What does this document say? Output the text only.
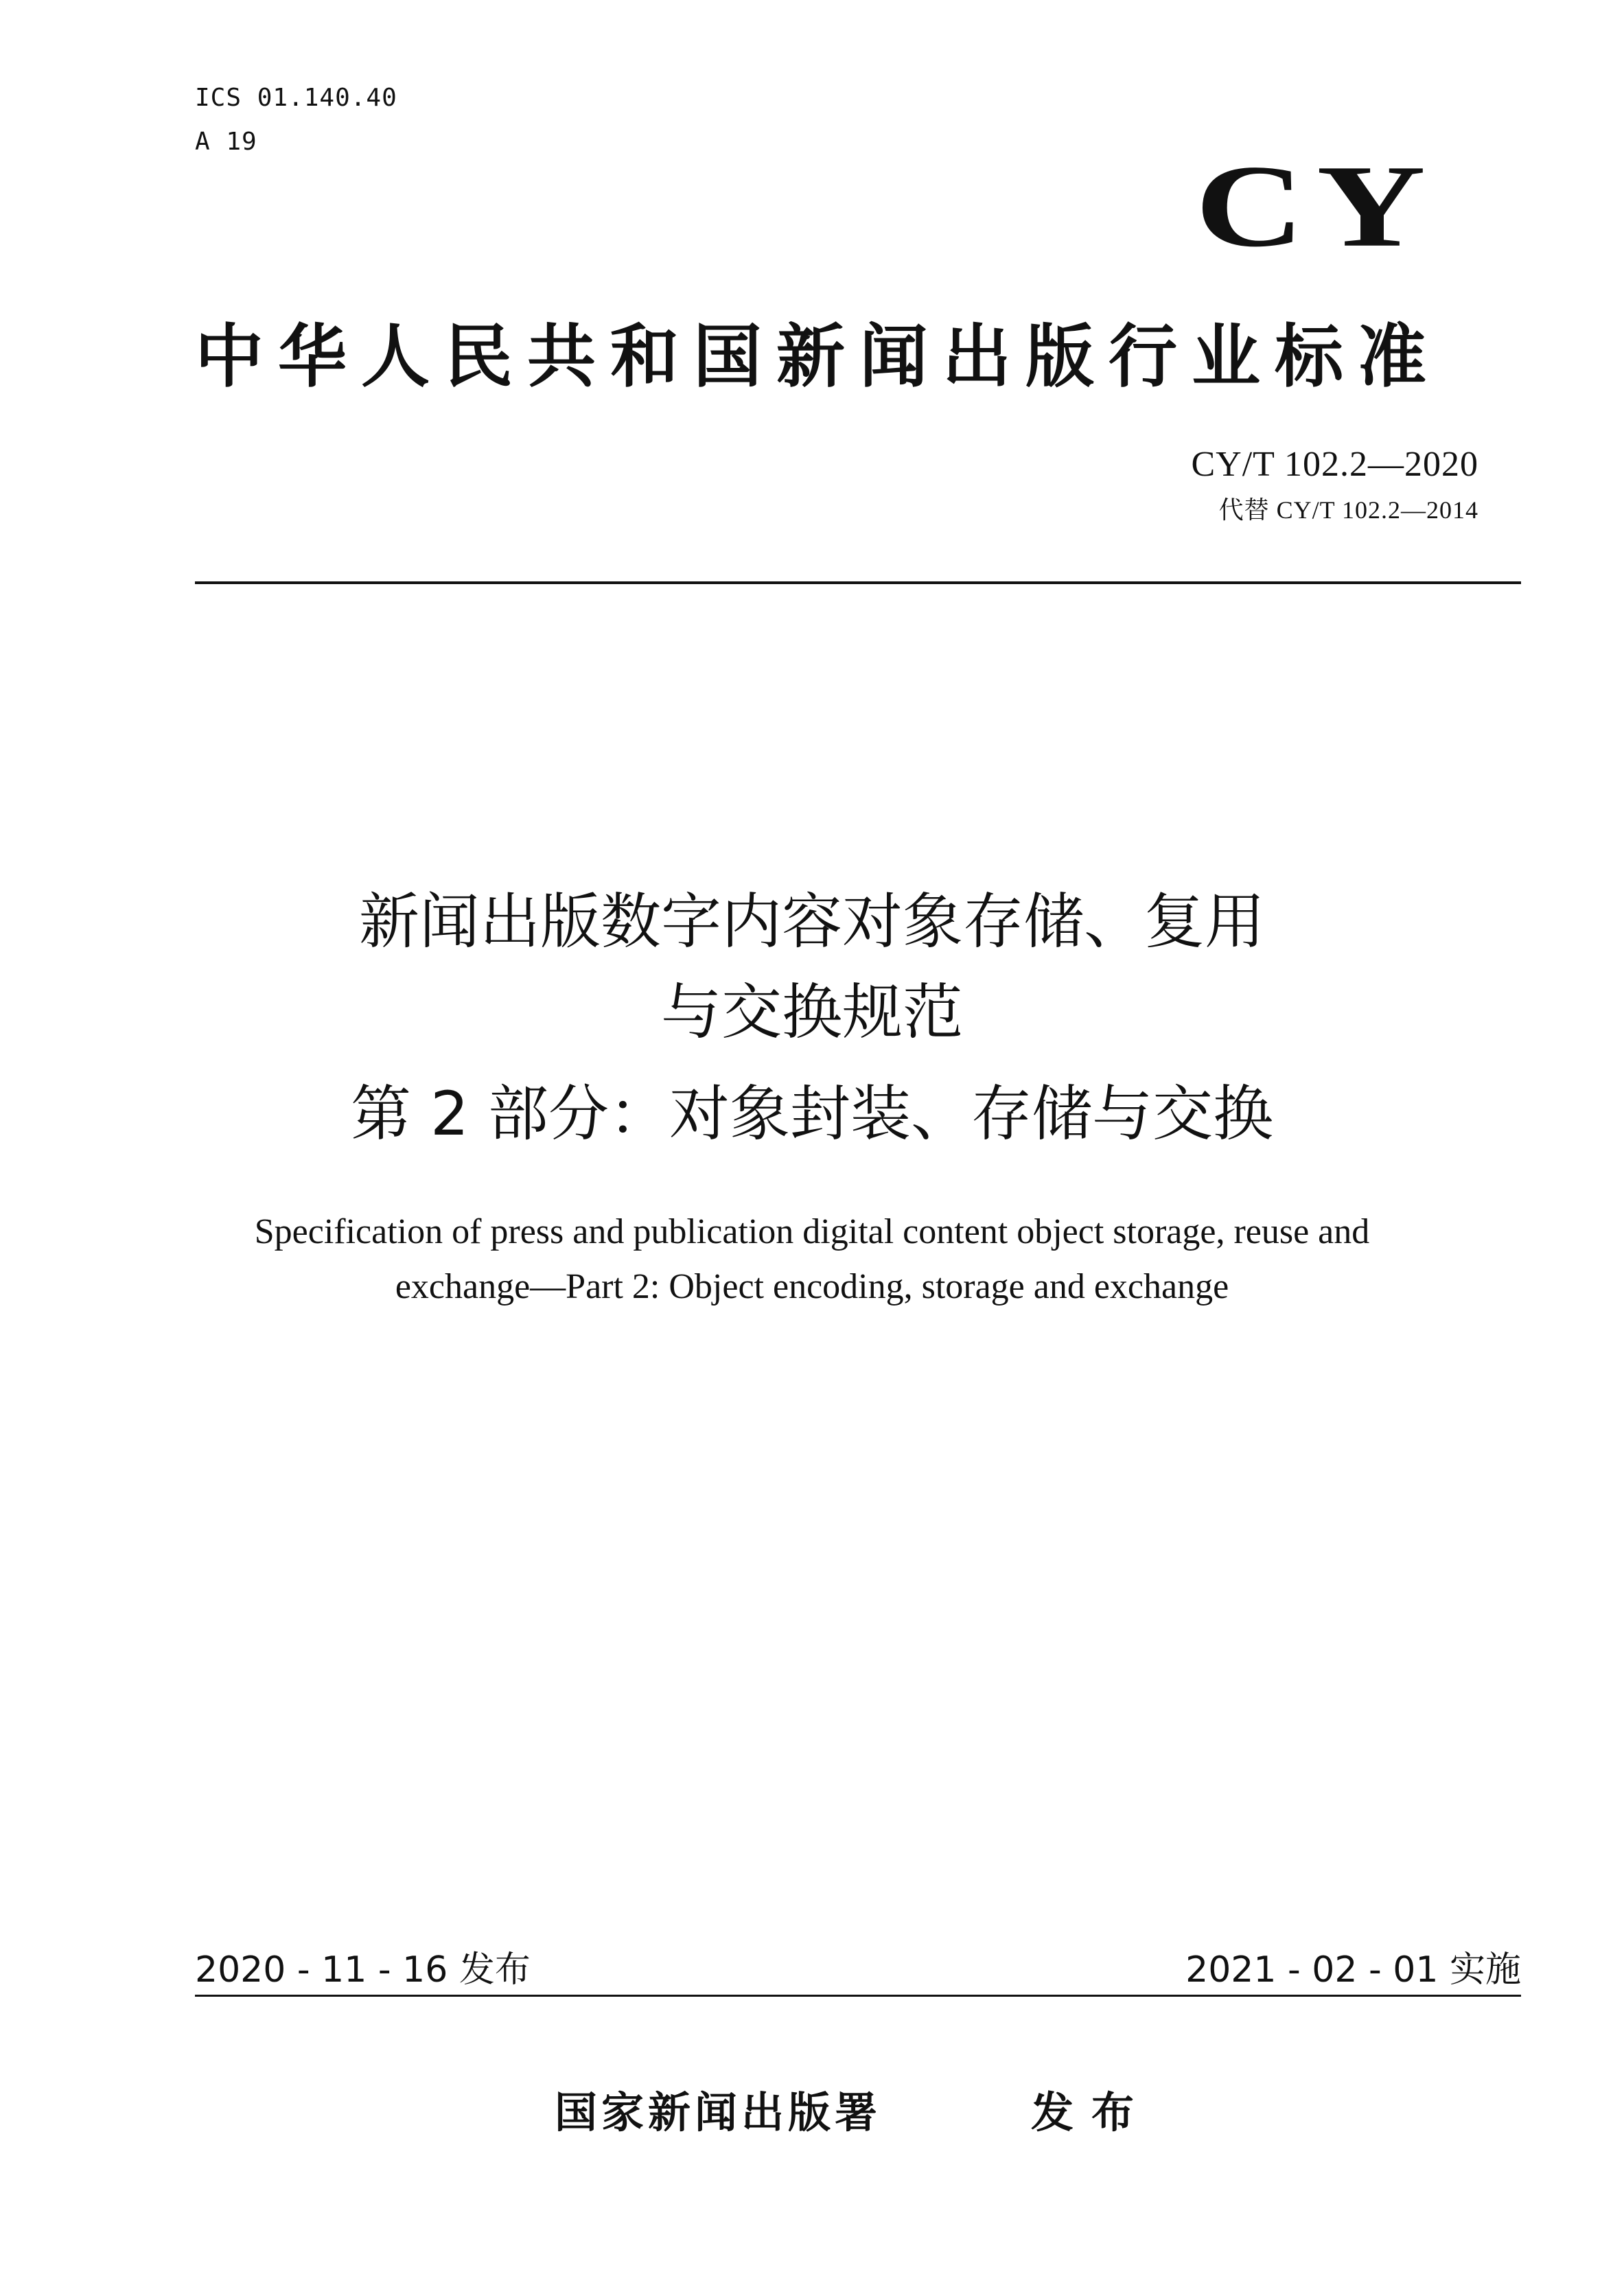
ICS 01.140.40
A 19	CY
中华人民共和国新闻出版行业标准
CY/T 102.2—2020
代替 CY/T 102.2—2014
新闻出版数字内容对象存储、复用
与交换规范
第 2 部分：对象封装、存储与交换
Specification of press and publication digital content object storage, reuse and
exchange—Part 2: Object encoding, storage and exchange
2020 - 11 - 16 发布	2021 - 02 - 01 实施
国家新闻出版署	发布
